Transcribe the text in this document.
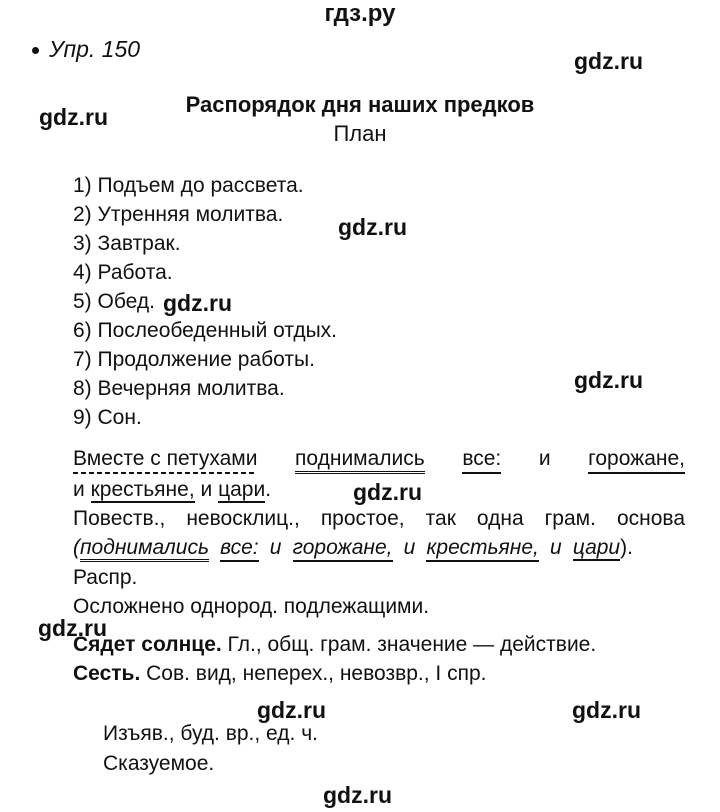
гдз.ру
Упр. 150	gdz.ru
gdz.ru
gdz.ru
gdz.ru
gdz.ru
gdz.ru
gdz.ru
gdz.ru	gdz.ru
gdz.ru
Распорядок дня наших предков
План
1) Подъем до рассвета.
2) Утренняя молитва.
3) Завтрак.
4) Работа.
5) Обед.
6) Послеобеденный отдых.
7) Продолжение работы.
8) Вечерняя молитва.
9) Сон.
Вместе с петухами поднимались все: и горожане,
и крестьяне, и цари.
Повеств., невосклиц., простое, так одна грам. основа
(поднимались все: и горожане, и крестьяне, и цари).
Распр.
Осложнено однород. подлежащими.
Сядет солнце. Гл., общ. грам. значение — действие.
Сесть. Сов. вид, неперех., невозвр., I спр.
Изъяв., буд. вр., ед. ч.
Сказуемое.
